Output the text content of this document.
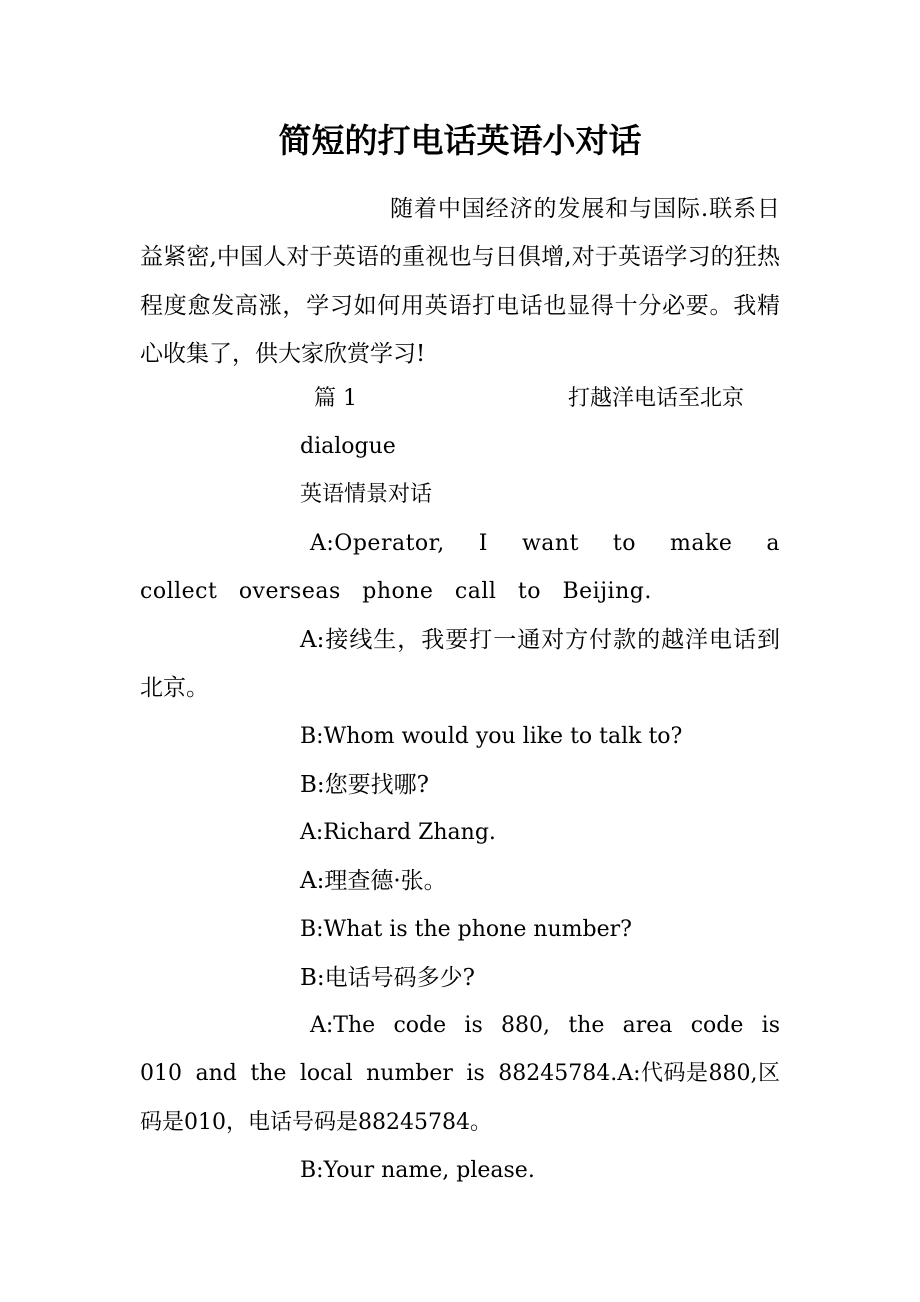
简短的打电话英语小对话

随着中国经济的发展和与国际.联系日益紧密,中国人对于英语的重视也与日俱增,对于英语学习的狂热程度愈发高涨，学习如何用英语打电话也显得十分必要。我精心收集了，供大家欣赏学习!

篇 1	打越洋电话至北京
dialogue
英语情景对话

A:Operator, I want to make a collect overseas phone call to Beijing.

A:接线生，我要打一通对方付款的越洋电话到北京。

B:Whom would you like to talk to?
B:您要找哪?
A:Richard Zhang.
A:理查德·张。
B:What is the phone number?
B:电话号码多少?

A:The code is 880, the area code is 010 and the local number is 88245784.A:代码是880,区码是010，电话号码是88245784。

B:Your name, please.
